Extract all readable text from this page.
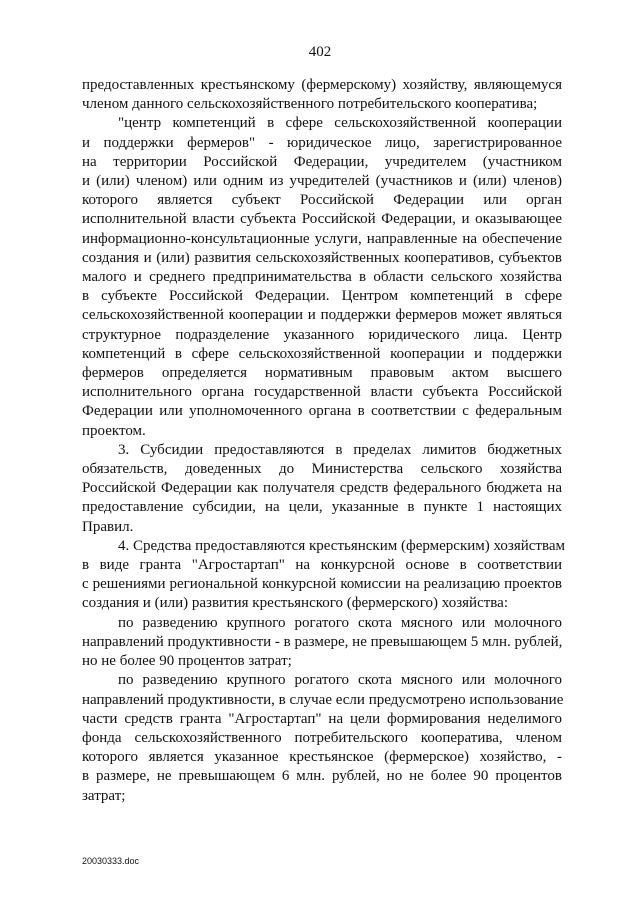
402

предоставленных крестьянскому (фермерскому) хозяйству, являющемуся
членом данного сельскохозяйственного потребительского кооператива;

"центр компетенций в сфере сельскохозяйственной кооперации
и поддержки фермеров" - юридическое лицо, зарегистрированное
на территории Российской Федерации, учредителем (участником
и (или) членом) или одним из учредителей (участников и (или) членов)
которого является субъект Российской Федерации или орган
исполнительной власти субъекта Российской Федерации, и оказывающее
информационно-консультационные услуги, направленные на обеспечение
создания и (или) развития сельскохозяйственных кооперативов, субъектов
малого и среднего предпринимательства в области сельского хозяйства
в субъекте Российской Федерации. Центром компетенций в сфере
сельскохозяйственной кооперации и поддержки фермеров может являться
структурное подразделение указанного юридического лица. Центр
компетенций в сфере сельскохозяйственной кооперации и поддержки
фермеров определяется нормативным правовым актом высшего
исполнительного органа государственной власти субъекта Российской
Федерации или уполномоченного органа в соответствии с федеральным
проектом.

3. Субсидии предоставляются в пределах лимитов бюджетных
обязательств, доведенных до Министерства сельского хозяйства
Российской Федерации как получателя средств федерального бюджета на
предоставление субсидии, на цели, указанные в пункте 1 настоящих
Правил.

4. Средства предоставляются крестьянским (фермерским) хозяйствам
в виде гранта "Агростартап" на конкурсной основе в соответствии
с решениями региональной конкурсной комиссии на реализацию проектов
создания и (или) развития крестьянского (фермерского) хозяйства:

по разведению крупного рогатого скота мясного или молочного
направлений продуктивности - в размере, не превышающем 5 млн. рублей,
но не более 90 процентов затрат;

по разведению крупного рогатого скота мясного или молочного
направлений продуктивности, в случае если предусмотрено использование
части средств гранта "Агростартап" на цели формирования неделимого
фонда сельскохозяйственного потребительского кооператива, членом
которого является указанное крестьянское (фермерское) хозяйство, -
в размере, не превышающем 6 млн. рублей, но не более 90 процентов
затрат;

20030333.doc
